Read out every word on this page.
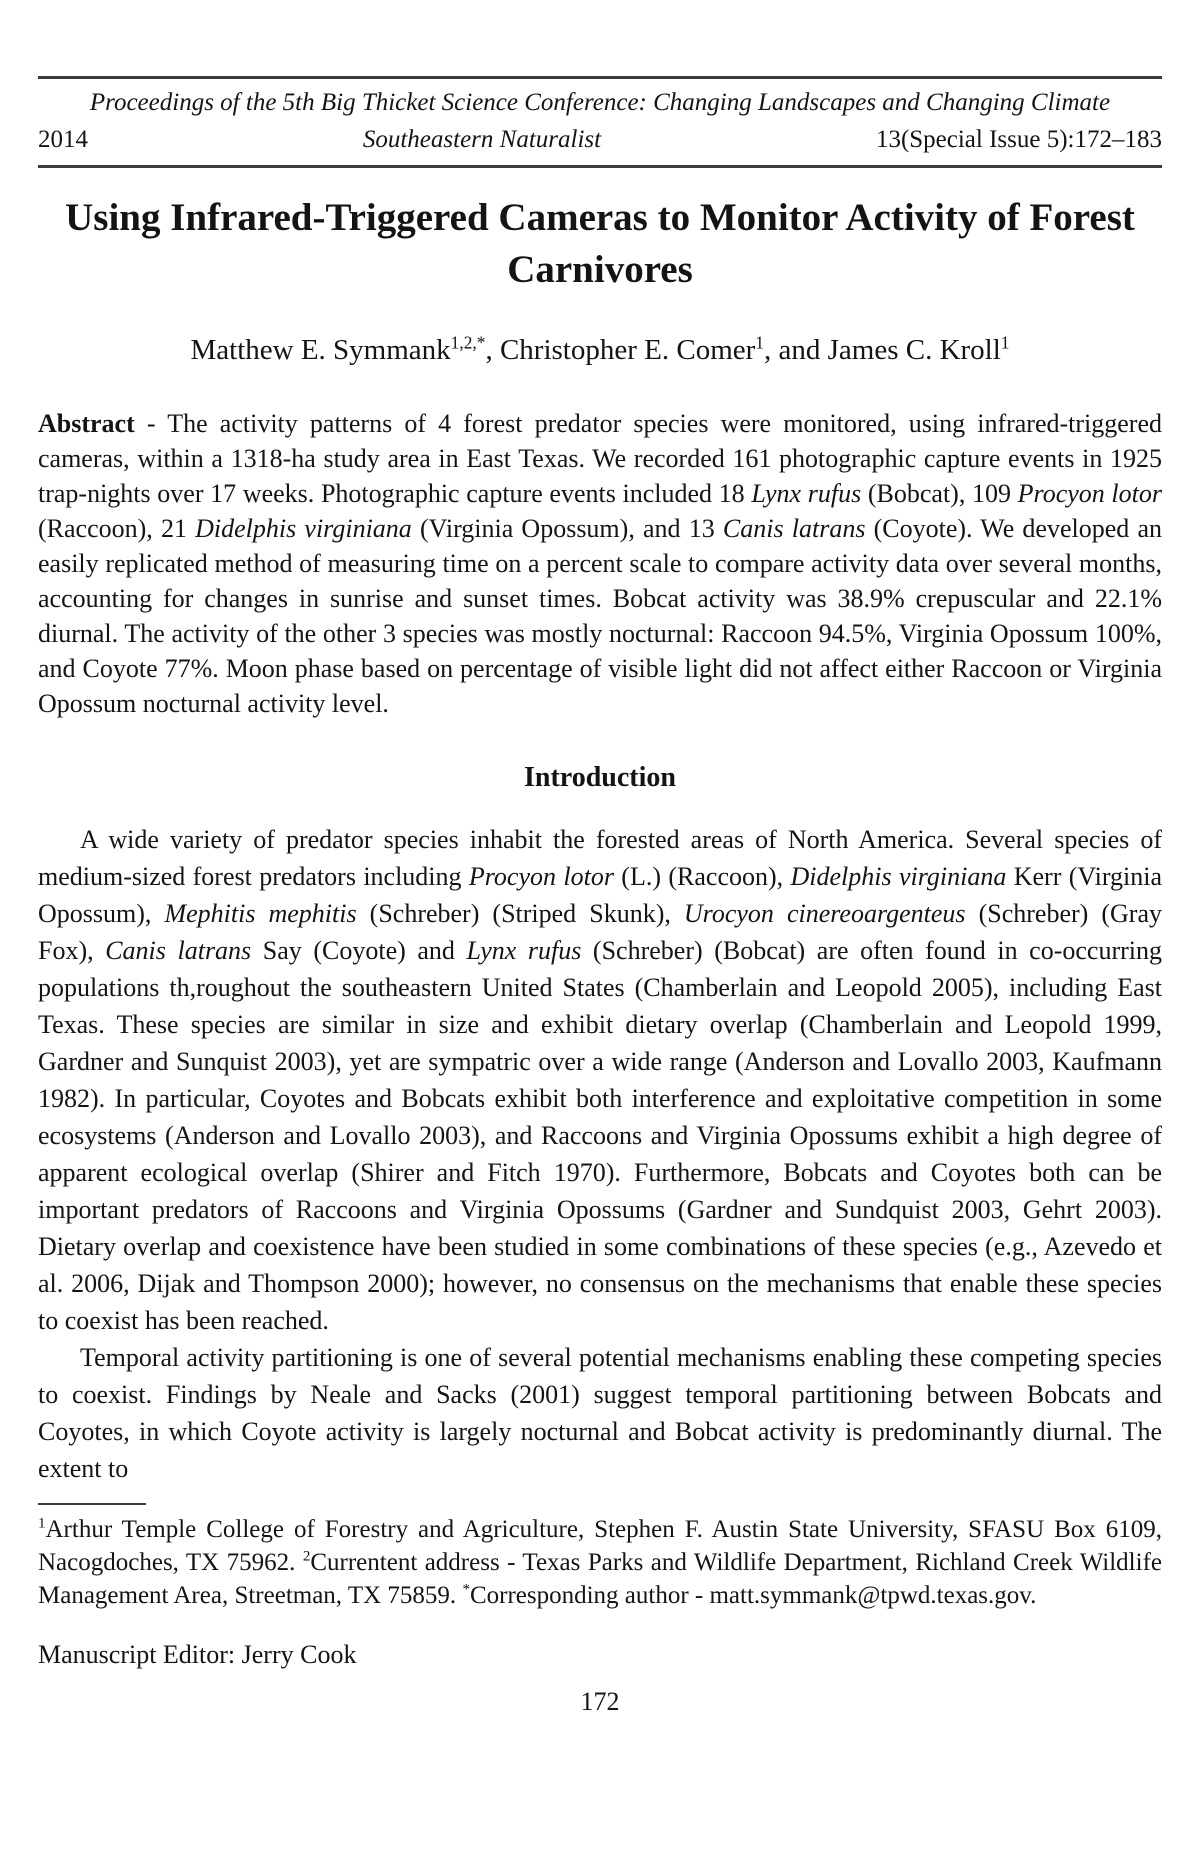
Proceedings of the 5th Big Thicket Science Conference: Changing Landscapes and Changing Climate
2014	Southeastern Naturalist	13(Special Issue 5):172–183
Using Infrared-Triggered Cameras to Monitor Activity of Forest Carnivores
Matthew E. Symmank$^{1,2,*}$, Christopher E. Comer$^1$, and James C. Kroll$^1$

Abstract - The activity patterns of 4 forest predator species were monitored, using infrared-triggered cameras, within a 1318-ha study area in East Texas. We recorded 161 photographic capture events in 1925 trap-nights over 17 weeks. Photographic capture events included 18 Lynx rufus (Bobcat), 109 Procyon lotor (Raccoon), 21 Didelphis virginiana (Virginia Opossum), and 13 Canis latrans (Coyote). We developed an easily replicated method of measuring time on a percent scale to compare activity data over several months, accounting for changes in sunrise and sunset times. Bobcat activity was 38.9% crepuscular and 22.1% diurnal. The activity of the other 3 species was mostly nocturnal: Raccoon 94.5%, Virginia Opossum 100%, and Coyote 77%. Moon phase based on percentage of visible light did not affect either Raccoon or Virginia Opossum nocturnal activity level.

Introduction

A wide variety of predator species inhabit the forested areas of North America. Several species of medium-sized forest predators including Procyon lotor (L.) (Raccoon), Didelphis virginiana Kerr (Virginia Opossum), Mephitis mephitis (Schreber) (Striped Skunk), Urocyon cinereoargenteus (Schreber) (Gray Fox), Canis latrans Say (Coyote) and Lynx rufus (Schreber) (Bobcat) are often found in co-occurring populations th,roughout the southeastern United States (Chamberlain and Leopold 2005), including East Texas. These species are similar in size and exhibit dietary overlap (Chamberlain and Leopold 1999, Gardner and Sunquist 2003), yet are sympatric over a wide range (Anderson and Lovallo 2003, Kaufmann 1982). In particular, Coyotes and Bobcats exhibit both interference and exploitative competition in some ecosystems (Anderson and Lovallo 2003), and Raccoons and Virginia Opossums exhibit a high degree of apparent ecological overlap (Shirer and Fitch 1970). Furthermore, Bobcats and Coyotes both can be important predators of Raccoons and Virginia Opossums (Gardner and Sundquist 2003, Gehrt 2003). Dietary overlap and coexistence have been studied in some combinations of these species (e.g., Azevedo et al. 2006, Dijak and Thompson 2000); however, no consensus on the mechanisms that enable these species to coexist has been reached.

Temporal activity partitioning is one of several potential mechanisms enabling these competing species to coexist. Findings by Neale and Sacks (2001) suggest temporal partitioning between Bobcats and Coyotes, in which Coyote activity is largely nocturnal and Bobcat activity is predominantly diurnal. The extent to

$^1$Arthur Temple College of Forestry and Agriculture, Stephen F. Austin State University, SFASU Box 6109, Nacogdoches, TX 75962. $^2$Currentent address - Texas Parks and Wildlife Department, Richland Creek Wildlife Management Area, Streetman, TX 75859. *Corresponding author - matt.symmank@tpwd.texas.gov.

Manuscript Editor: Jerry Cook

172
